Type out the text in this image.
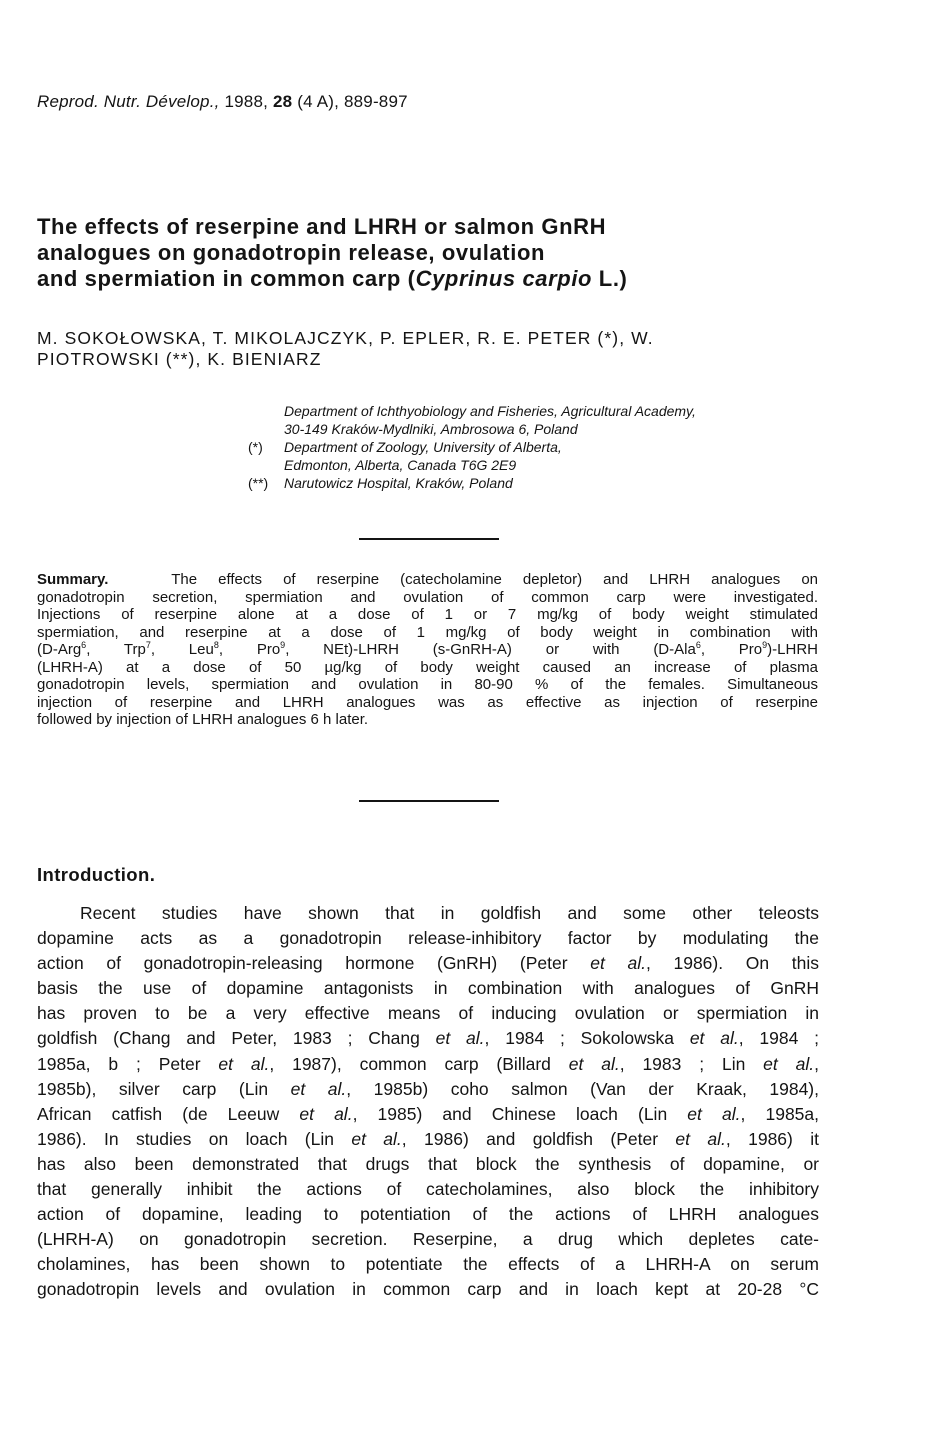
Reprod. Nutr. Dévelop., 1988, 28 (4 A), 889-897
The effects of reserpine and LHRH or salmon GnRH
analogues on gonadotropin release, ovulation
and spermiation in common carp (Cyprinus carpio L.)
M. SOKOŁOWSKA, T. MIKOLAJCZYK, P. EPLER, R. E. PETER (*), W.
PIOTROWSKI (**), K. BIENIARZ
Department of Ichthyobiology and Fisheries, Agricultural Academy,
30-149 Kraków-Mydlniki, Ambrosowa 6, Poland
(*) Department of Zoology, University of Alberta,
Edmonton, Alberta, Canada T6G 2E9
(**) Narutowicz Hospital, Kraków, Poland
Summary.	The effects of reserpine (catecholamine depletor) and LHRH analogues on
gonadotropin secretion, spermiation and ovulation of common carp were investigated.
Injections of reserpine alone at a dose of 1 or 7 mg/kg of body weight stimulated
spermiation, and reserpine at a dose of 1 mg/kg of body weight in combination with
(D-Arg$^6$, Trp$^7$, Leu$^8$, Pro$^9$, NEt)-LHRH (s-GnRH-A) or with (D-Ala$^6$, Pro$^9$)-LHRH
(LHRH-A) at a dose of 50 µg/kg of body weight caused an increase of plasma
gonadotropin levels, spermiation and ovulation in 80-90 % of the females. Simultaneous
injection of reserpine and LHRH analogues was as effective as injection of reserpine
followed by injection of LHRH analogues 6 h later.
Introduction.
Recent studies have shown that in goldfish and some other teleosts
dopamine acts as a gonadotropin release-inhibitory factor by modulating the
action of gonadotropin-releasing hormone (GnRH) (Peter et al., 1986). On this
basis the use of dopamine antagonists in combination with analogues of GnRH
has proven to be a very effective means of inducing ovulation or spermiation in
goldfish (Chang and Peter, 1983 ; Chang et al., 1984 ; Sokolowska et al., 1984 ;
1985a, b ; Peter et al., 1987), common carp (Billard et al., 1983 ; Lin et al.,
1985b), silver carp (Lin et al., 1985b) coho salmon (Van der Kraak, 1984),
African catfish (de Leeuw et al., 1985) and Chinese loach (Lin et al., 1985a,
1986). In studies on loach (Lin et al., 1986) and goldfish (Peter et al., 1986) it
has also been demonstrated that drugs that block the synthesis of dopamine, or
that generally inhibit the actions of catecholamines, also block the inhibitory
action of dopamine, leading to potentiation of the actions of LHRH analogues
(LHRH-A) on gonadotropin secretion. Reserpine, a drug which depletes cate-
cholamines, has been shown to potentiate the effects of a LHRH-A on serum
gonadotropin levels and ovulation in common carp and in loach kept at 20-28 °C
